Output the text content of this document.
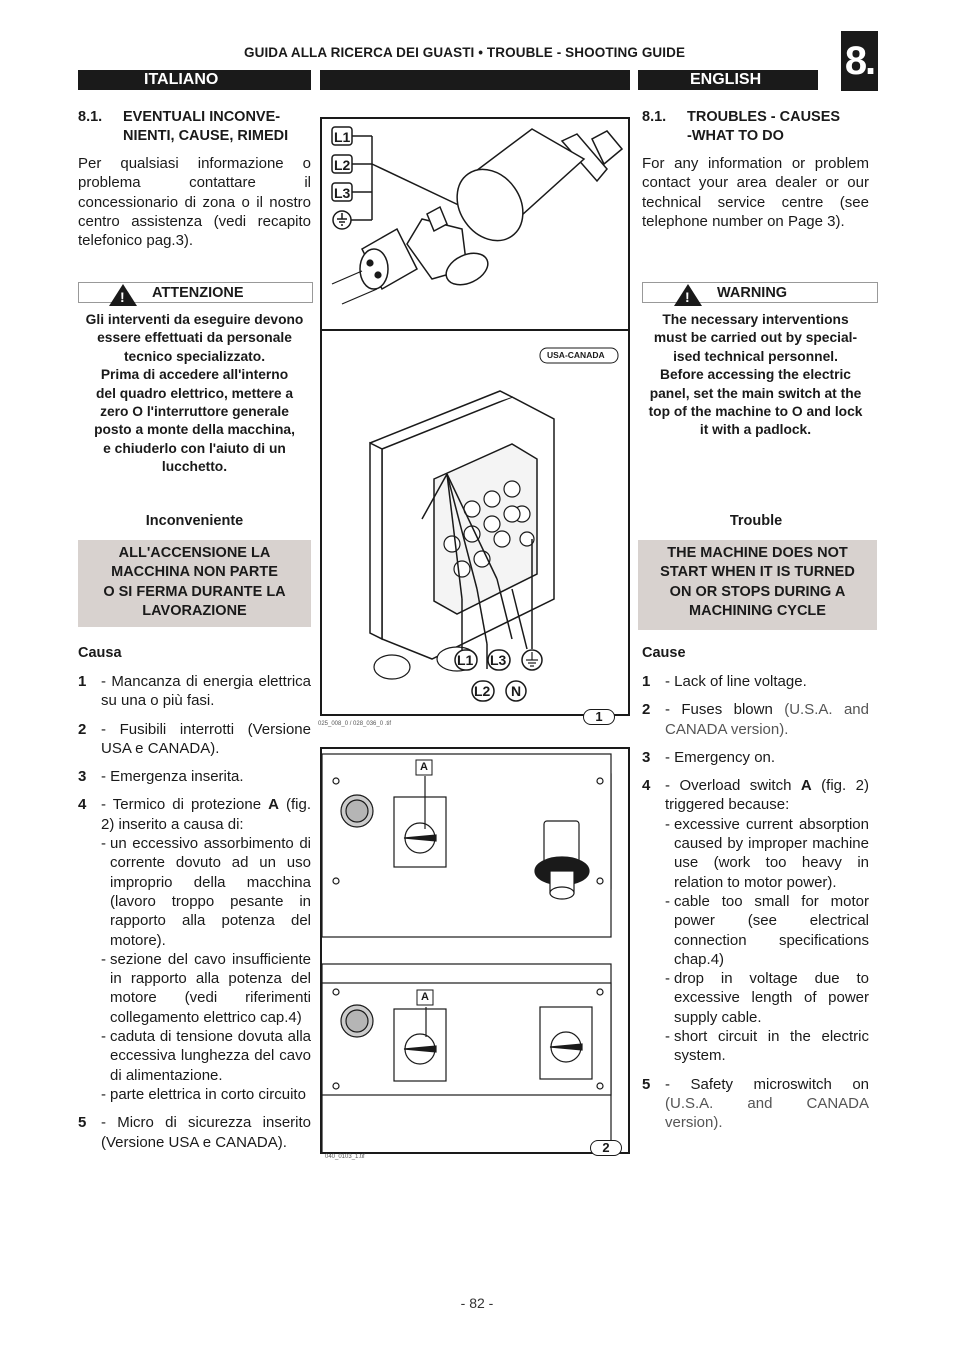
GUIDA ALLA RICERCA DEI GUASTI • TROUBLE - SHOOTING GUIDE	8.
ITALIANO	ENGLISH
8.1. EVENTUALI INCONVE-
NIENTI, CAUSE, RIMEDI

Per qualsiasi informazione o problema contattare il concessionario di zona o il nostro centro assistenza (vedi recapito telefonico pag.3).

!
ATTENZIONE
Gli interventi da eseguire devono
essere effettuati da personale
tecnico specializzato.
Prima di accedere all'interno
del quadro elettrico, mettere a
zero O l'interruttore generale
posto a monte della macchina,
e chiuderlo con l'aiuto di un
lucchetto.
Inconveniente
ALL'ACCENSIONE LA
MACCHINA NON PARTE
O SI FERMA DURANTE LA
LAVORAZIONE
Causa
1 - Mancanza di energia elettrica su una o più fasi.
2 - Fusibili interrotti (Versione USA e CANADA).
3 - Emergenza inserita.
4 - Termico di protezione A (fig. 2) inserito a causa di:
- un eccessivo assorbimento di corrente dovuto ad un uso improprio della macchina (lavoro troppo pesante in rapporto alla potenza del motore).
- sezione del cavo insufficiente in rapporto alla potenza del motore (vedi riferimenti collegamento elettrico cap.4)
- caduta di tensione dovuta alla eccessiva lunghezza del cavo di alimentazione.
- parte elettrica in corto circuito
5 - Micro di sicurezza inserito (Versione USA e CANADA).
8.1. TROUBLES - CAUSES
-WHAT TO DO

For any information or problem contact your area dealer or our technical service centre (see telephone number on Page 3).

!
WARNING
The necessary interventions
must be carried out by special-
ised technical personnel.
Before accessing the electric
panel, set the main switch at the
top of the machine to O and lock
it with a padlock.
Trouble
THE MACHINE DOES NOT
START WHEN IT IS TURNED
ON OR STOPS DURING A
MACHINING CYCLE
Cause
1 - Lack of line voltage.
2 - Fuses blown (U.S.A. and CANADA version).
3 - Emergency on.
4 - Overload switch A (fig. 2) triggered because:
- excessive current absorption caused by improper machine use (work too heavy in relation to motor power).
- cable too small for motor power (see electrical connection specifications chap.4)
- drop in voltage due to excessive length of power supply cable.
- short circuit in the electric system.
5 - Safety microswitch on (U.S.A. and CANADA version).
L1
L2
L3
USA-CANADA
L1 L3
L2 N
1
025_008_0 / 028_036_0 .tif
A
A
2
040_0103_1.tif
- 82 -
